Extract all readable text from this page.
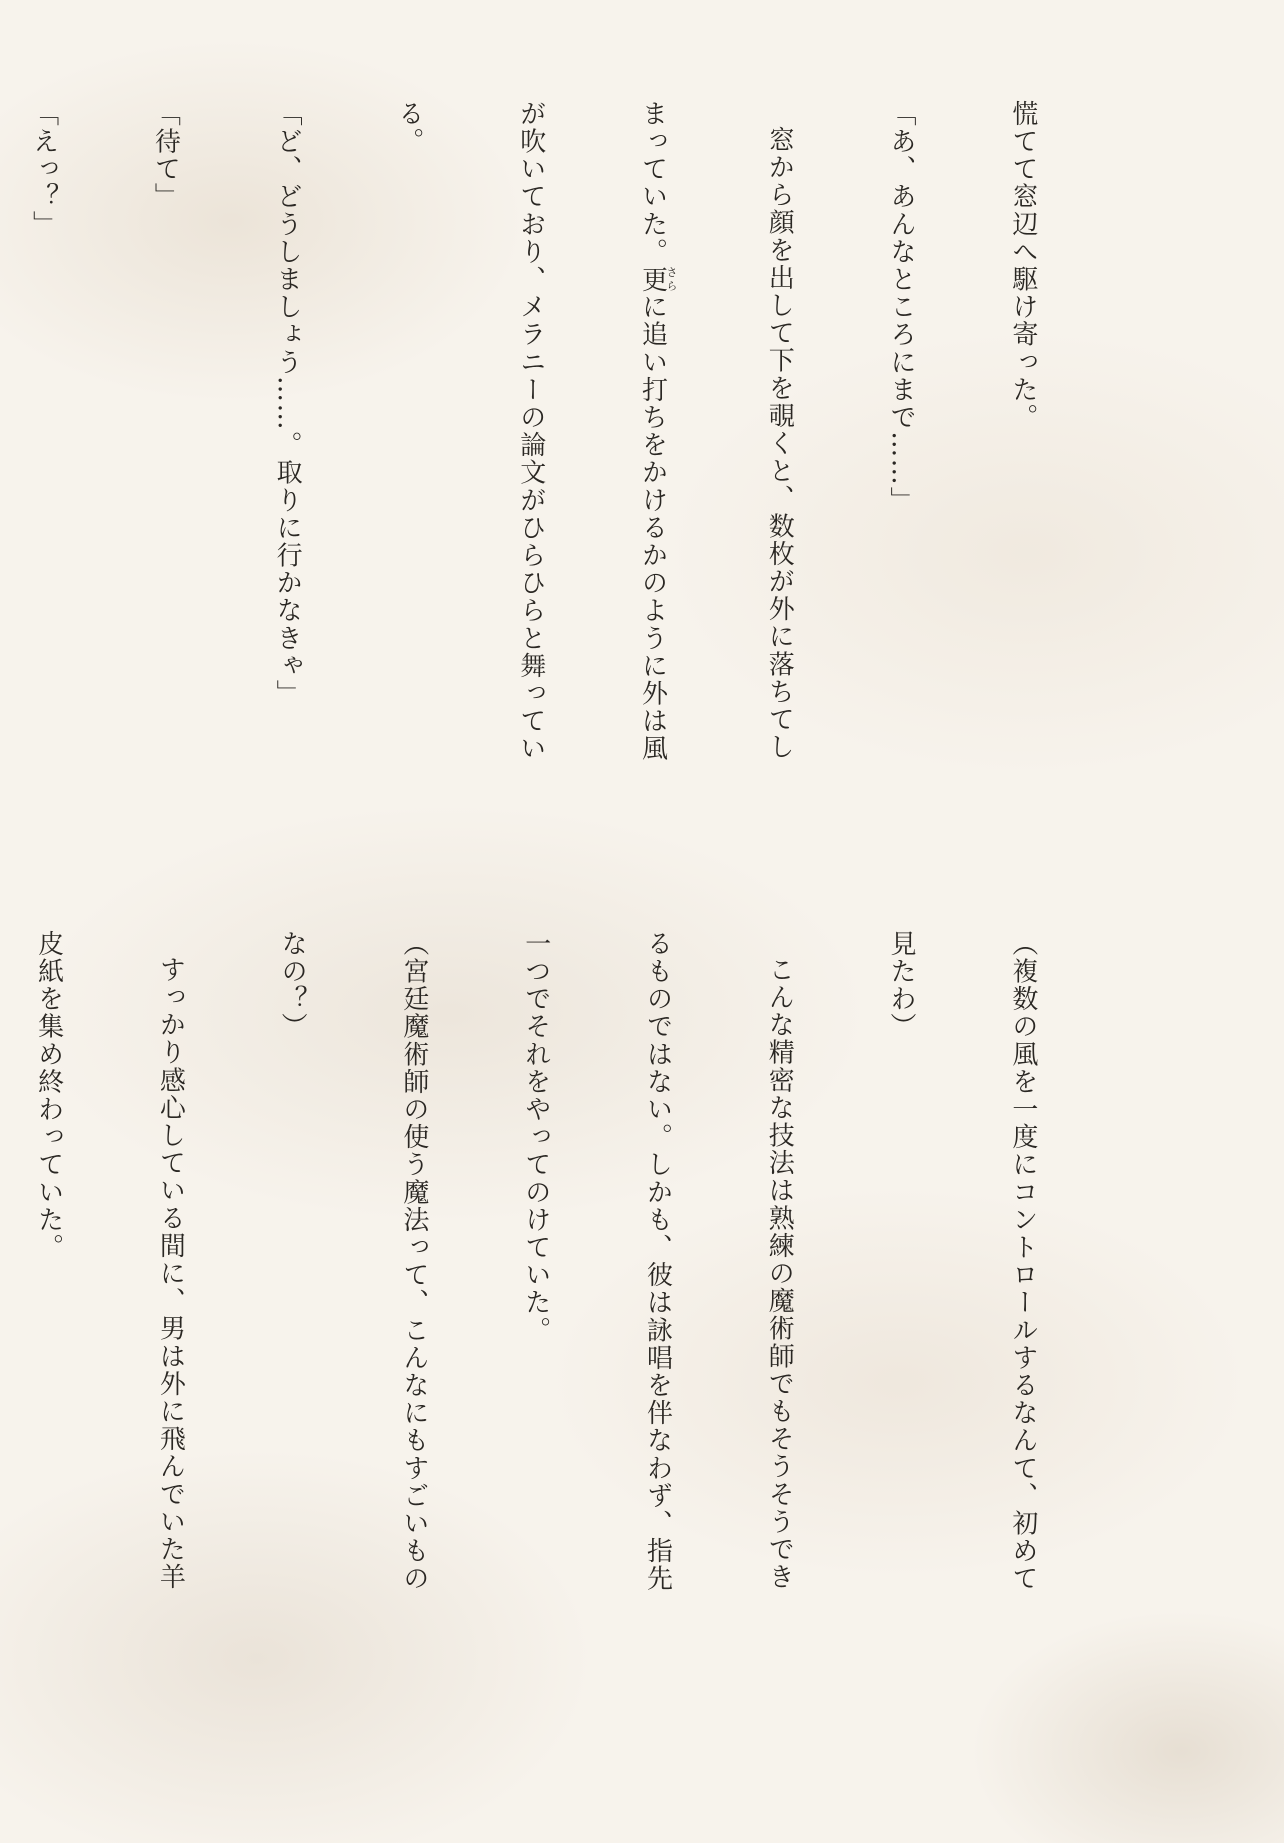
慌てて窓辺へ駆け寄った。

「あ、あんなところにまで……」

窓から顔を出して下を覗くと、数枚が外に落ちてし

まっていた。更さらに追い打ちをかけるかのように外は風

が吹いており、メラニーの論文がひらひらと舞ってい

る。

「ど、どうしましょう……。取りに行かなきゃ」

「待て」

「えっ？」

（複数の風を一度にコントロールするなんて、初めて

見たわ）

こんな精密な技法は熟練の魔術師でもそうそうでき

るものではない。しかも、彼は詠唱を伴なわず、指先

一つでそれをやってのけていた。

（宮廷魔術師の使う魔法って、こんなにもすごいもの

なの？）

すっかり感心している間に、男は外に飛んでいた羊

皮紙を集め終わっていた。
